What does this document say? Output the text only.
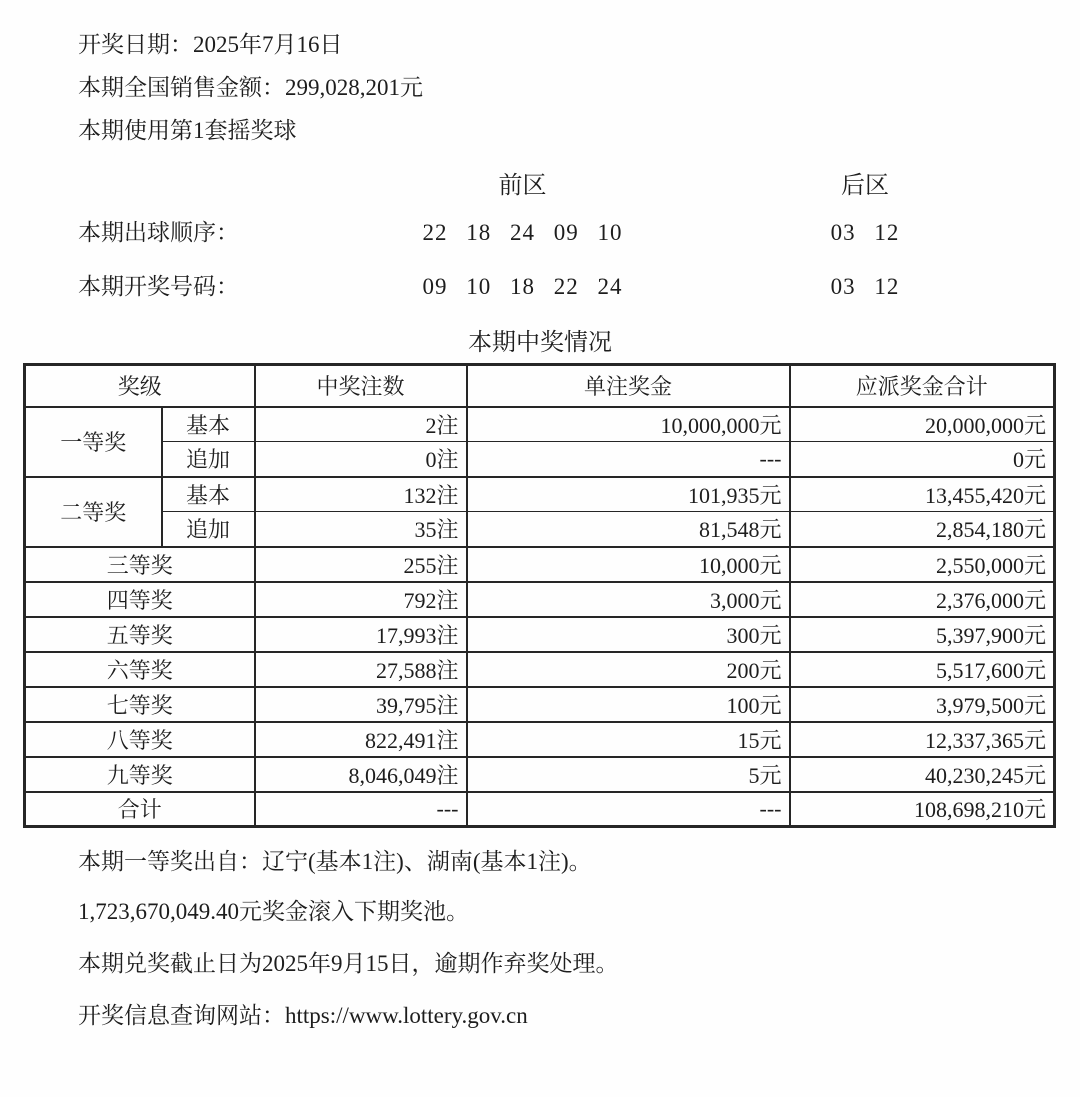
开奖日期：2025年7月16日
本期全国销售金额：299,028,201元
本期使用第1套摇奖球
前区	后区
本期出球顺序：	22 18 24 09 10	03 12
本期开奖号码：	09 10 18 22 24	03 12
本期中奖情况
奖级		中奖注数	单注奖金	应派奖金合计
一等奖	基本	2注	10,000,000元	20,000,000元
	追加	0注	---	0元
二等奖	基本	132注	101,935元	13,455,420元
	追加	35注	81,548元	2,854,180元
三等奖		255注	10,000元	2,550,000元
四等奖		792注	3,000元	2,376,000元
五等奖		17,993注	300元	5,397,900元
六等奖		27,588注	200元	5,517,600元
七等奖		39,795注	100元	3,979,500元
八等奖		822,491注	15元	12,337,365元
九等奖		8,046,049注	5元	40,230,245元
合计		---	---	108,698,210元
本期一等奖出自：辽宁(基本1注)、湖南(基本1注)。
1,723,670,049.40元奖金滚入下期奖池。
本期兑奖截止日为2025年9月15日，逾期作弃奖处理。
开奖信息查询网站：https://www.lottery.gov.cn
